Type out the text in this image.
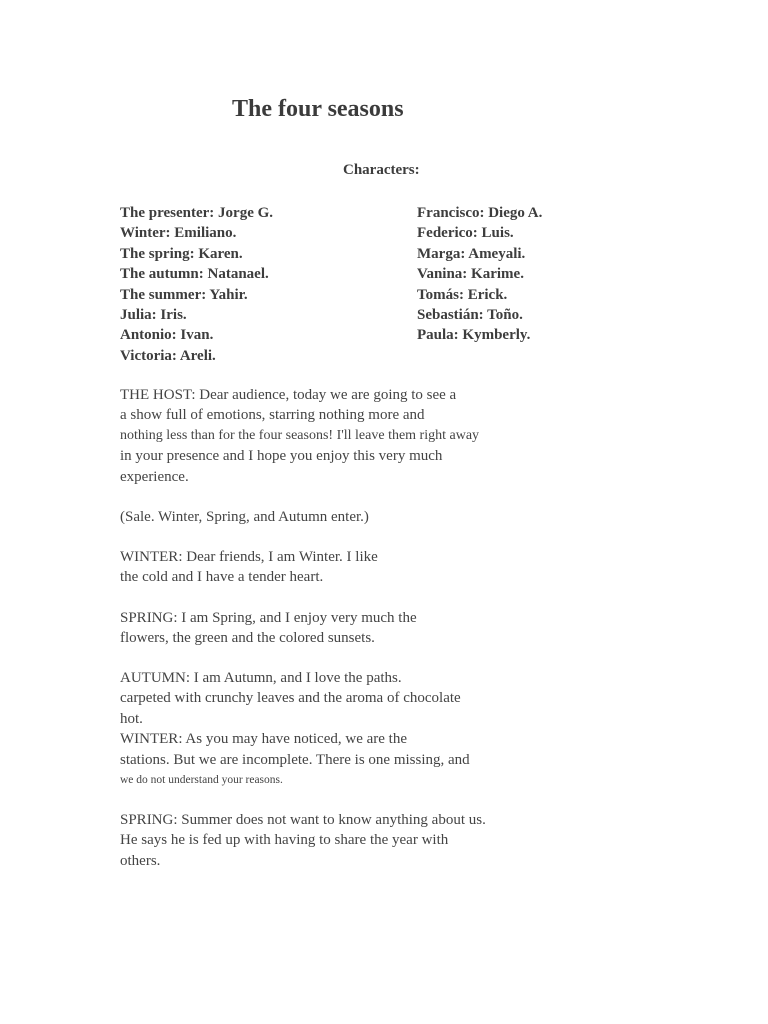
The four seasons
Characters:
The presenter: Jorge G.
Winter: Emiliano.
The spring: Karen.
The autumn: Natanael.
The summer: Yahir.
Julia: Iris.
Antonio: Ivan.
Victoria: Areli.
Francisco: Diego A.
Federico: Luis.
Marga: Ameyali.
Vanina: Karime.
Tomás: Erick.
Sebastián: Toño.
Paula: Kymberly.

THE HOST: Dear audience, today we are going to see a
a show full of emotions, starring nothing more and
nothing less than for the four seasons! I'll leave them right away
in your presence and I hope you enjoy this very much
experience.

(Sale. Winter, Spring, and Autumn enter.)

WINTER: Dear friends, I am Winter. I like
the cold and I have a tender heart.

SPRING: I am Spring, and I enjoy very much the
flowers, the green and the colored sunsets.

AUTUMN: I am Autumn, and I love the paths.
carpeted with crunchy leaves and the aroma of chocolate
hot.
WINTER: As you may have noticed, we are the
stations. But we are incomplete. There is one missing, and
we do not understand your reasons.

SPRING: Summer does not want to know anything about us.
He says he is fed up with having to share the year with
others.
